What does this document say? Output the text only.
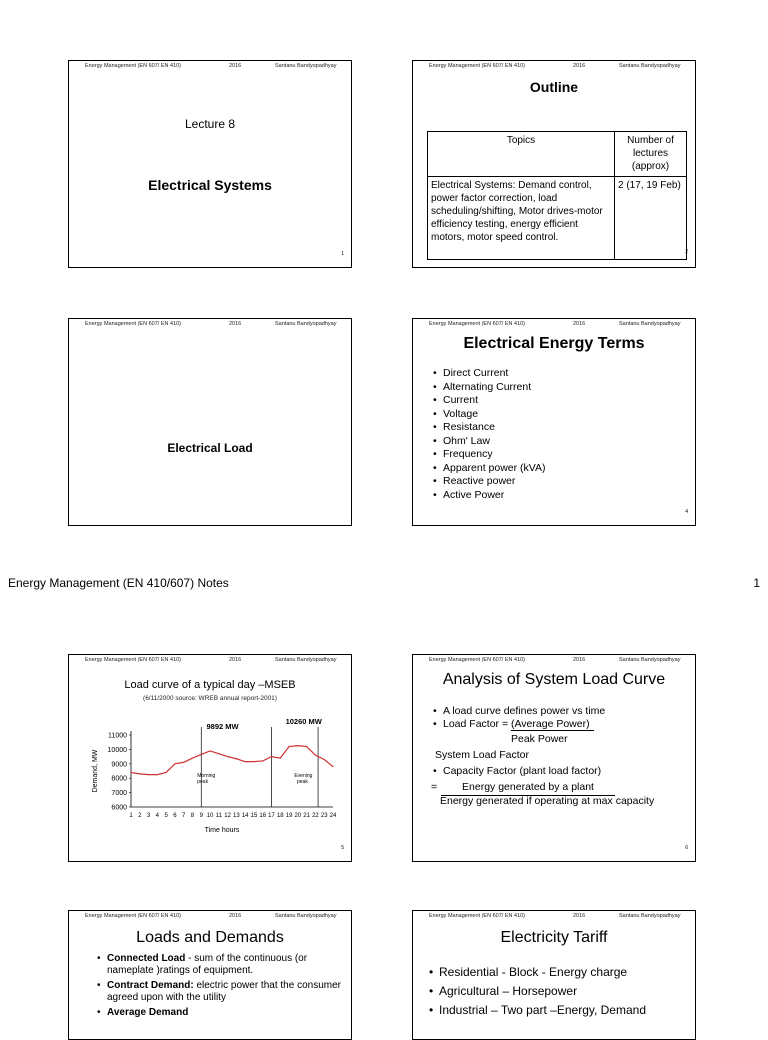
Energy Management (EN 607/ EN 410)	2016	Santanu Bandyopadhyay
Lecture 8
Electrical Systems
1
Energy Management (EN 607/ EN 410)	2016	Santanu Bandyopadhyay
Outline
Topics	Number of lectures (approx)
Electrical Systems: Demand control, power factor correction, load scheduling/shifting, Motor drives-motor efficiency testing, energy efficient motors, motor speed control.	2 (17, 19 Feb)
2
Energy Management (EN 607/ EN 410)	2016	Santanu Bandyopadhyay
Electrical Load
Energy Management (EN 607/ EN 410)	2016	Santanu Bandyopadhyay
Electrical Energy Terms
• Direct Current
• Alternating Current
• Current
• Voltage
• Resistance
• Ohm' Law
• Frequency
• Apparent power (kVA)
• Reactive power
• Active Power
4
Energy Management (EN 410/607) Notes	1
Energy Management (EN 607/ EN 410)	2016	Santanu Bandyopadhyay
Load curve of a typical day –MSEB
(6/11/2000 source: WREB annual report-2001)
6000
7000
8000
9000
10000
11000
1 2 3 4 5 6 7 8 9 10 11 12 13 14 15 16 17 18 19 20 21 22 23 24
Time hours
Demand, MW
9892 MW
10260 MW
Morning
peak
Evening
peak
5
Energy Management (EN 607/ EN 410)	2016	Santanu Bandyopadhyay
Analysis of System Load Curve
• A load curve defines power vs time
• Load Factor = (Average Power)
Peak Power
System Load Factor
• Capacity Factor (plant load factor)
=	Energy generated by a plant
Energy generated if operating at max capacity
6
Energy Management (EN 607/ EN 410)	2016	Santanu Bandyopadhyay
Loads and Demands
• Connected Load - sum of the continuous (or nameplate )ratings of equipment.
• Contract Demand: electric power that the consumer agreed upon with the utility
• Average Demand
Energy Management (EN 607/ EN 410)	2016	Santanu Bandyopadhyay
Electricity Tariff
• Residential - Block - Energy charge
• Agricultural – Horsepower
• Industrial – Two part –Energy, Demand
